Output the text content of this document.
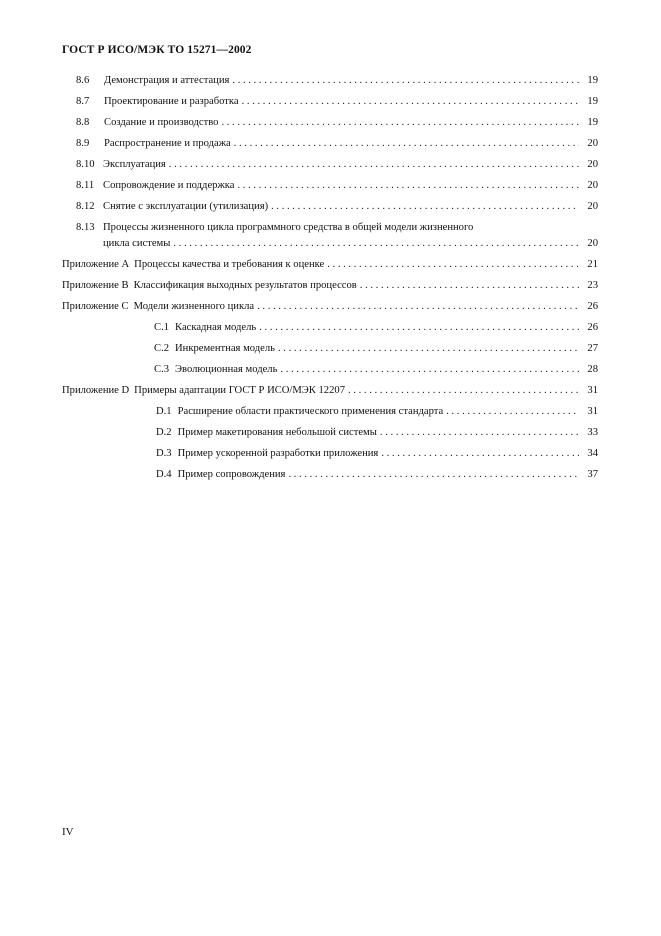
ГОСТ Р ИСО/МЭК ТО 15271—2002
8.6 Демонстрация и аттестация . . .	19
8.7 Проектирование и разработка . . .	19
8.8 Создание и производство . . .	19
8.9 Распространение и продажа . . .	20
8.10 Эксплуатация . . .	20
8.11 Сопровождение и поддержка . . .	20
8.12 Снятие с эксплуатации (утилизация) . . .	20
8.13 Процессы жизненного цикла программного средства в общей модели жизненного
цикла системы . . .	20
Приложение A Процессы качества и требования к оценке . . .	21
Приложение B Классификация выходных результатов процессов . . .	23
Приложение C Модели жизненного цикла . . .	26
C.1 Каскадная модель . . .	26
C.2 Инкрементная модель . . .	27
C.3 Эволюционная модель . . .	28
Приложение D Примеры адаптации ГОСТ Р ИСО/МЭК 12207 . . .	31
D.1 Расширение области практического применения стандарта . . .	31
D.2 Пример макетирования небольшой системы . . .	33
D.3 Пример ускоренной разработки приложения . . .	34
D.4 Пример сопровождения . . .	37
IV
